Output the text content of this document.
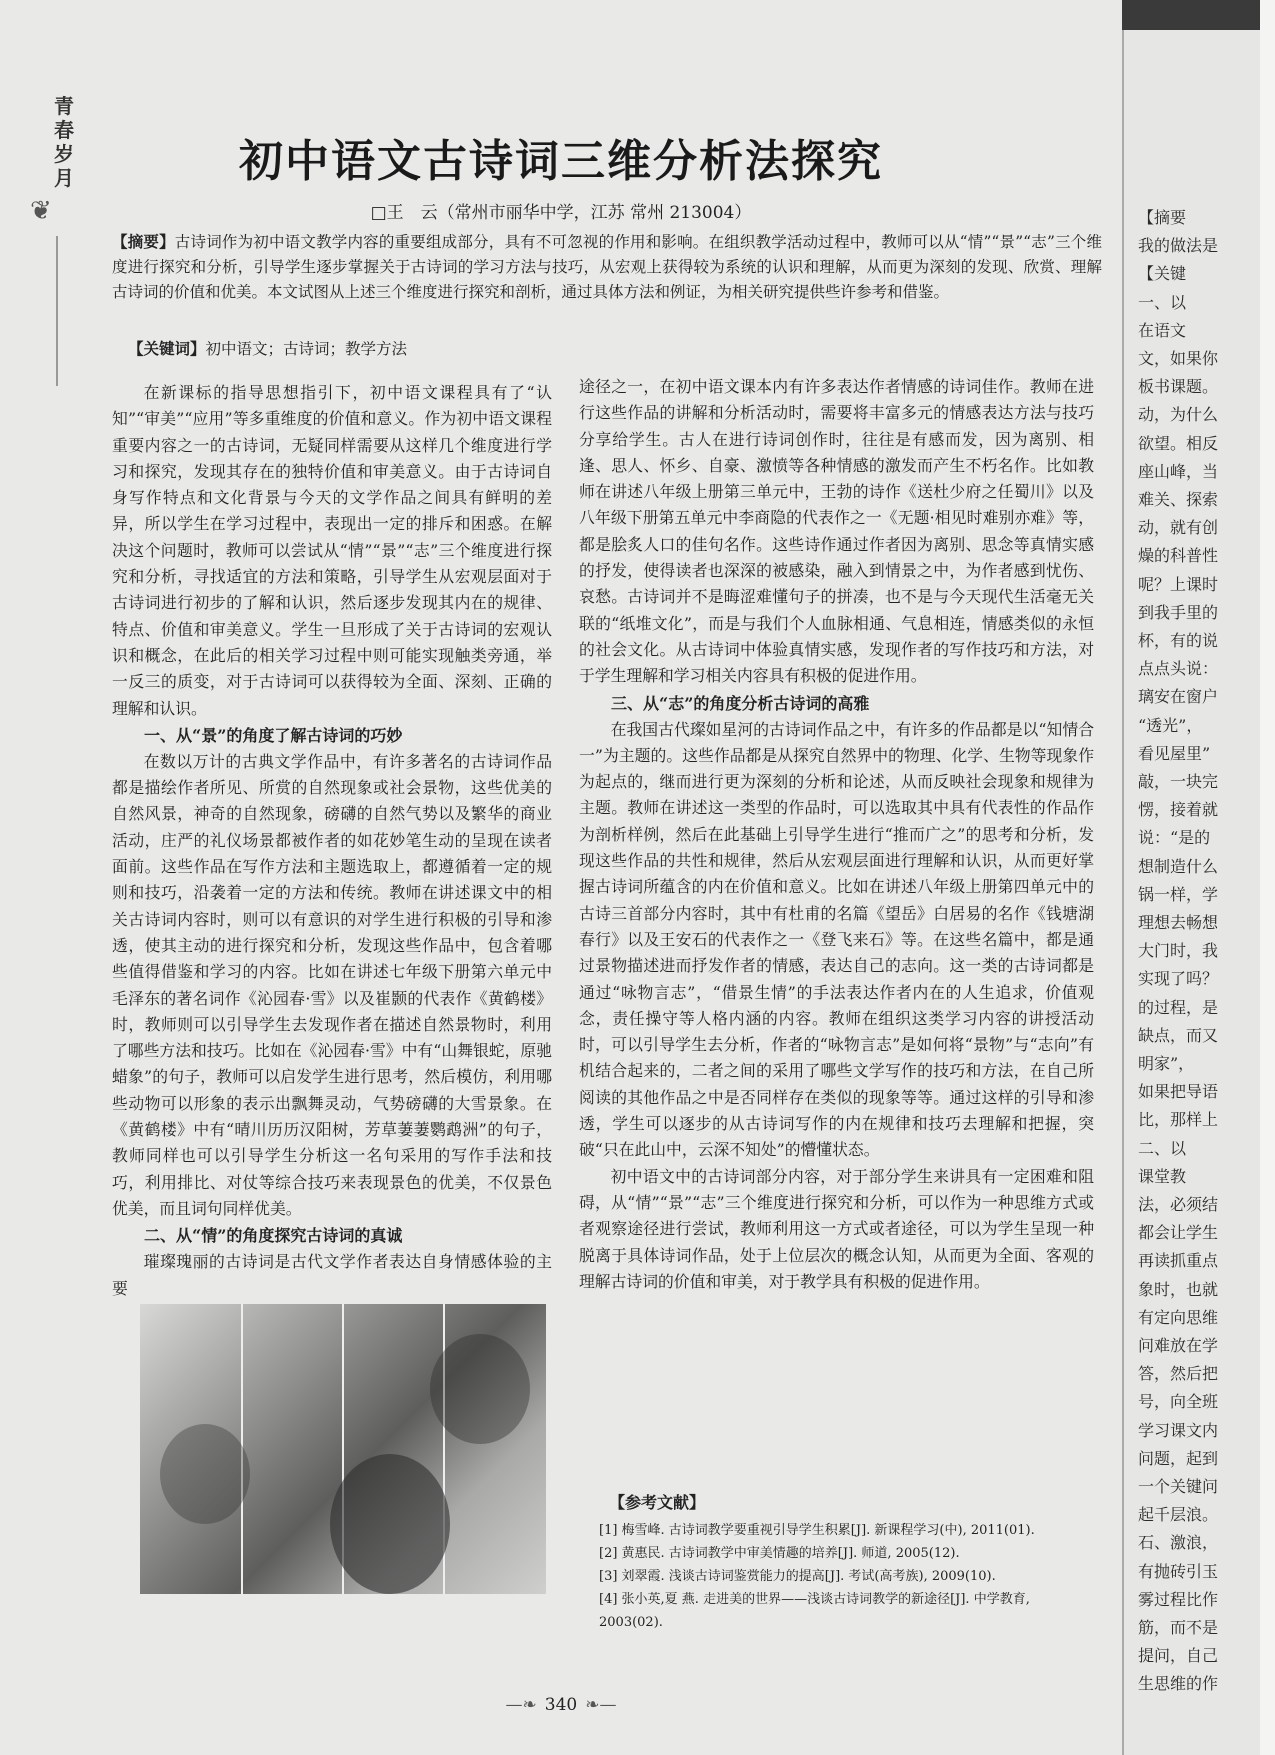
青春岁月
❦
初中语文古诗词三维分析法探究
□王　云（常州市丽华中学，江苏 常州 213004）
【摘要】古诗词作为初中语文教学内容的重要组成部分，具有不可忽视的作用和影响。在组织教学活动过程中，教师可以从“情”“景”“志”三个维度进行探究和分析，引导学生逐步掌握关于古诗词的学习方法与技巧，从宏观上获得较为系统的认识和理解，从而更为深刻的发现、欣赏、理解古诗词的价值和优美。本文试图从上述三个维度进行探究和剖析，通过具体方法和例证，为相关研究提供些许参考和借鉴。
【关键词】初中语文；古诗词；教学方法

在新课标的指导思想指引下，初中语文课程具有了“认知”“审美”“应用”等多重维度的价值和意义。作为初中语文课程重要内容之一的古诗词，无疑同样需要从这样几个维度进行学习和探究，发现其存在的独特价值和审美意义。由于古诗词自身写作特点和文化背景与今天的文学作品之间具有鲜明的差异，所以学生在学习过程中，表现出一定的排斥和困惑。在解决这个问题时，教师可以尝试从“情”“景”“志”三个维度进行探究和分析，寻找适宜的方法和策略，引导学生从宏观层面对于古诗词进行初步的了解和认识，然后逐步发现其内在的规律、特点、价值和审美意义。学生一旦形成了关于古诗词的宏观认识和概念，在此后的相关学习过程中则可能实现触类旁通，举一反三的质变，对于古诗词可以获得较为全面、深刻、正确的理解和认识。

一、从“景”的角度了解古诗词的巧妙

在数以万计的古典文学作品中，有许多著名的古诗词作品都是描绘作者所见、所赏的自然现象或社会景物，这些优美的自然风景，神奇的自然现象，磅礴的自然气势以及繁华的商业活动，庄严的礼仪场景都被作者的如花妙笔生动的呈现在读者面前。这些作品在写作方法和主题选取上，都遵循着一定的规则和技巧，沿袭着一定的方法和传统。教师在讲述课文中的相关古诗词内容时，则可以有意识的对学生进行积极的引导和渗透，使其主动的进行探究和分析，发现这些作品中，包含着哪些值得借鉴和学习的内容。比如在讲述七年级下册第六单元中毛泽东的著名词作《沁园春·雪》以及崔颢的代表作《黄鹤楼》时，教师则可以引导学生去发现作者在描述自然景物时，利用了哪些方法和技巧。比如在《沁园春·雪》中有“山舞银蛇，原驰蜡象”的句子，教师可以启发学生进行思考，然后模仿，利用哪些动物可以形象的表示出飘舞灵动，气势磅礴的大雪景象。在《黄鹤楼》中有“晴川历历汉阳树，芳草萋萋鹦鹉洲”的句子，教师同样也可以引导学生分析这一名句采用的写作手法和技巧，利用排比、对仗等综合技巧来表现景色的优美，不仅景色优美，而且词句同样优美。

二、从“情”的角度探究古诗词的真诚

璀璨瑰丽的古诗词是古代文学作者表达自身情感体验的主要

途径之一，在初中语文课本内有许多表达作者情感的诗词佳作。教师在进行这些作品的讲解和分析活动时，需要将丰富多元的情感表达方法与技巧分享给学生。古人在进行诗词创作时，往往是有感而发，因为离别、相逢、思人、怀乡、自豪、激愤等各种情感的激发而产生不朽名作。比如教师在讲述八年级上册第三单元中，王勃的诗作《送杜少府之任蜀川》以及八年级下册第五单元中李商隐的代表作之一《无题·相见时难别亦难》等，都是脍炙人口的佳句名作。这些诗作通过作者因为离别、思念等真情实感的抒发，使得读者也深深的被感染，融入到情景之中，为作者感到忧伤、哀愁。古诗词并不是晦涩难懂句子的拼凑，也不是与今天现代生活毫无关联的“纸堆文化”，而是与我们个人血脉相通、气息相连，情感类似的永恒的社会文化。从古诗词中体验真情实感，发现作者的写作技巧和方法，对于学生理解和学习相关内容具有积极的促进作用。

三、从“志”的角度分析古诗词的高雅

在我国古代璨如星河的古诗词作品之中，有许多的作品都是以“知情合一”为主题的。这些作品都是从探究自然界中的物理、化学、生物等现象作为起点的，继而进行更为深刻的分析和论述，从而反映社会现象和规律为主题。教师在讲述这一类型的作品时，可以选取其中具有代表性的作品作为剖析样例，然后在此基础上引导学生进行“推而广之”的思考和分析，发现这些作品的共性和规律，然后从宏观层面进行理解和认识，从而更好掌握古诗词所蕴含的内在价值和意义。比如在讲述八年级上册第四单元中的古诗三首部分内容时，其中有杜甫的名篇《望岳》白居易的名作《钱塘湖春行》以及王安石的代表作之一《登飞来石》等。在这些名篇中，都是通过景物描述进而抒发作者的情感，表达自己的志向。这一类的古诗词都是通过“咏物言志”，“借景生情”的手法表达作者内在的人生追求，价值观念，责任操守等人格内涵的内容。教师在组织这类学习内容的讲授活动时，可以引导学生去分析，作者的“咏物言志”是如何将“景物”与“志向”有机结合起来的，二者之间的采用了哪些文学写作的技巧和方法，在自己所阅读的其他作品之中是否同样存在类似的现象等等。通过这样的引导和渗透，学生可以逐步的从古诗词写作的内在规律和技巧去理解和把握，突破“只在此山中，云深不知处”的懵懂状态。

初中语文中的古诗词部分内容，对于部分学生来讲具有一定困难和阻碍，从“情”“景”“志”三个维度进行探究和分析，可以作为一种思维方式或者观察途径进行尝试，教师利用这一方式或者途径，可以为学生呈现一种脱离于具体诗词作品，处于上位层次的概念认知，从而更为全面、客观的理解古诗词的价值和审美，对于教学具有积极的促进作用。

【参考文献】

[1] 梅雪峰. 古诗词教学要重视引导学生积累[J]. 新课程学习(中), 2011(01).

[2] 黄惠民. 古诗词教学中审美情趣的培养[J]. 师道, 2005(12).

[3] 刘翠霞. 浅谈古诗词鉴赏能力的提高[J]. 考试(高考族), 2009(10).

[4] 张小英,夏 燕. 走进美的世界——浅谈古诗词教学的新途径[J]. 中学教育, 2003(02).

—❧ 340 ❧—
【摘要
我的做法是
【关键
一、以
在语文
文，如果你
板书课题。
动，为什么
欲望。相反
座山峰，当
难关、探索
动，就有创
燥的科普性
呢？上课时
到我手里的
杯，有的说
点点头说：
璃安在窗户
“透光”，
看见屋里”
敲，一块完
愣，接着就
说：“是的
想制造什么
锅一样，学
理想去畅想
大门时，我
实现了吗？
的过程，是
缺点，而又
明家”，
如果把导语
比，那样上
二、以
课堂教
法，必须结
都会让学生
再读抓重点
象时，也就
有定向思维
问难放在学
答，然后把
号，向全班
学习课文内
问题，起到
一个关键问
起千层浪。
石、激浪，
有抛砖引玉
雾过程比作
筋，而不是
提问，自己
生思维的作
